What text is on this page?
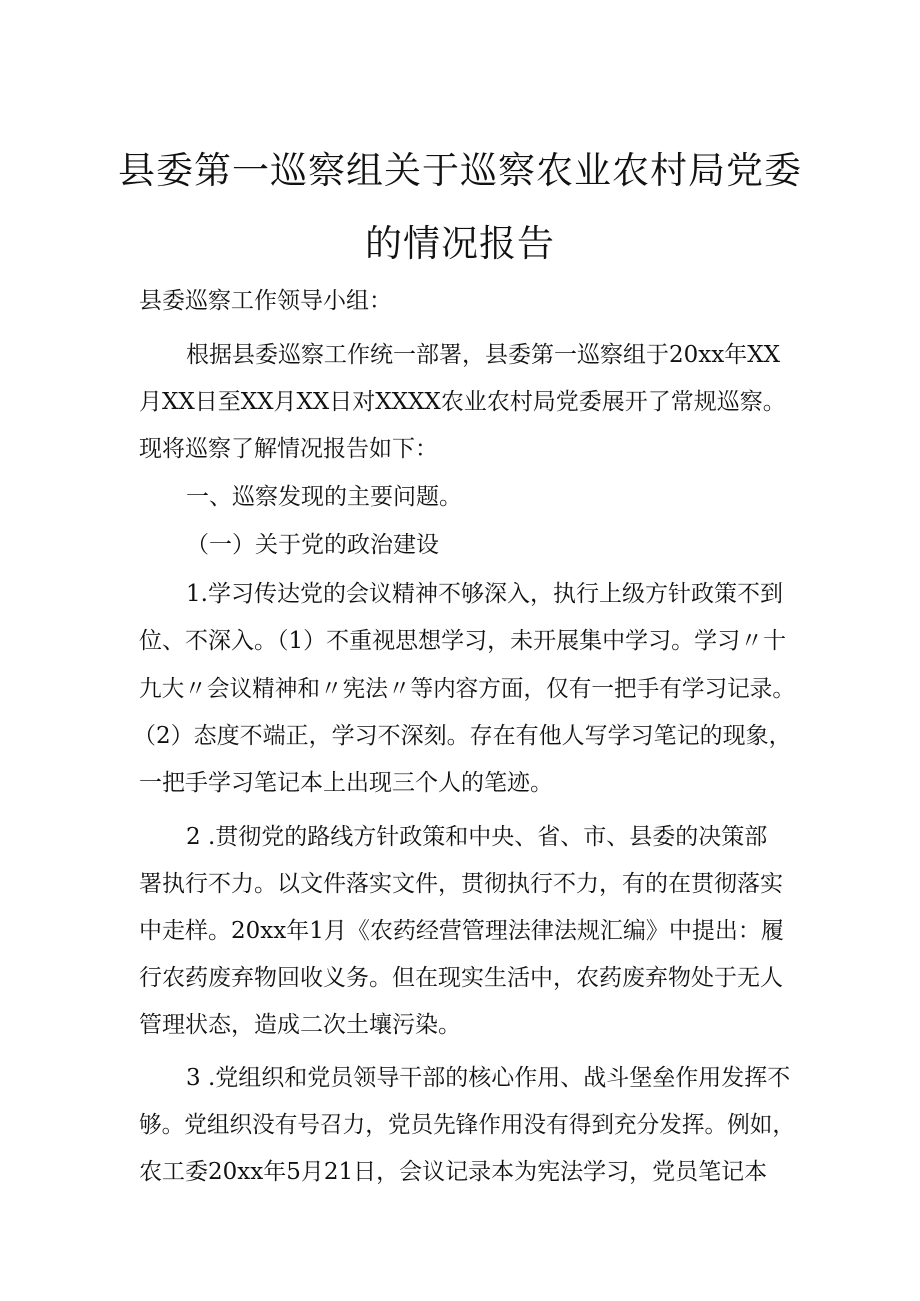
县委第一巡察组关于巡察农业农村局党委
的情况报告
县委巡察工作领导小组：
根据县委巡察工作统一部署，县委第一巡察组于20xx年XX
月XX日至XX月XX日对XXXX农业农村局党委展开了常规巡察。
现将巡察了解情况报告如下：
一、巡察发现的主要问题。
（一）关于党的政治建设
1.学习传达党的会议精神不够深入，执行上级方针政策不到
位、不深入。（1）不重视思想学习，未开展集中学习。学习〃十
九大〃会议精神和〃宪法〃等内容方面，仅有一把手有学习记录。
（2）态度不端正，学习不深刻。存在有他人写学习笔记的现象，
一把手学习笔记本上出现三个人的笔迹。
2 .贯彻党的路线方针政策和中央、省、市、县委的决策部
署执行不力。以文件落实文件，贯彻执行不力，有的在贯彻落实
中走样。20xx年1月《农药经营管理法律法规汇编》中提出：履
行农药废弃物回收义务。但在现实生活中，农药废弃物处于无人
管理状态，造成二次土壤污染。
3 .党组织和党员领导干部的核心作用、战斗堡垒作用发挥不
够。党组织没有号召力，党员先锋作用没有得到充分发挥。例如，
农工委20xx年5月21日，会议记录本为宪法学习，党员笔记本
